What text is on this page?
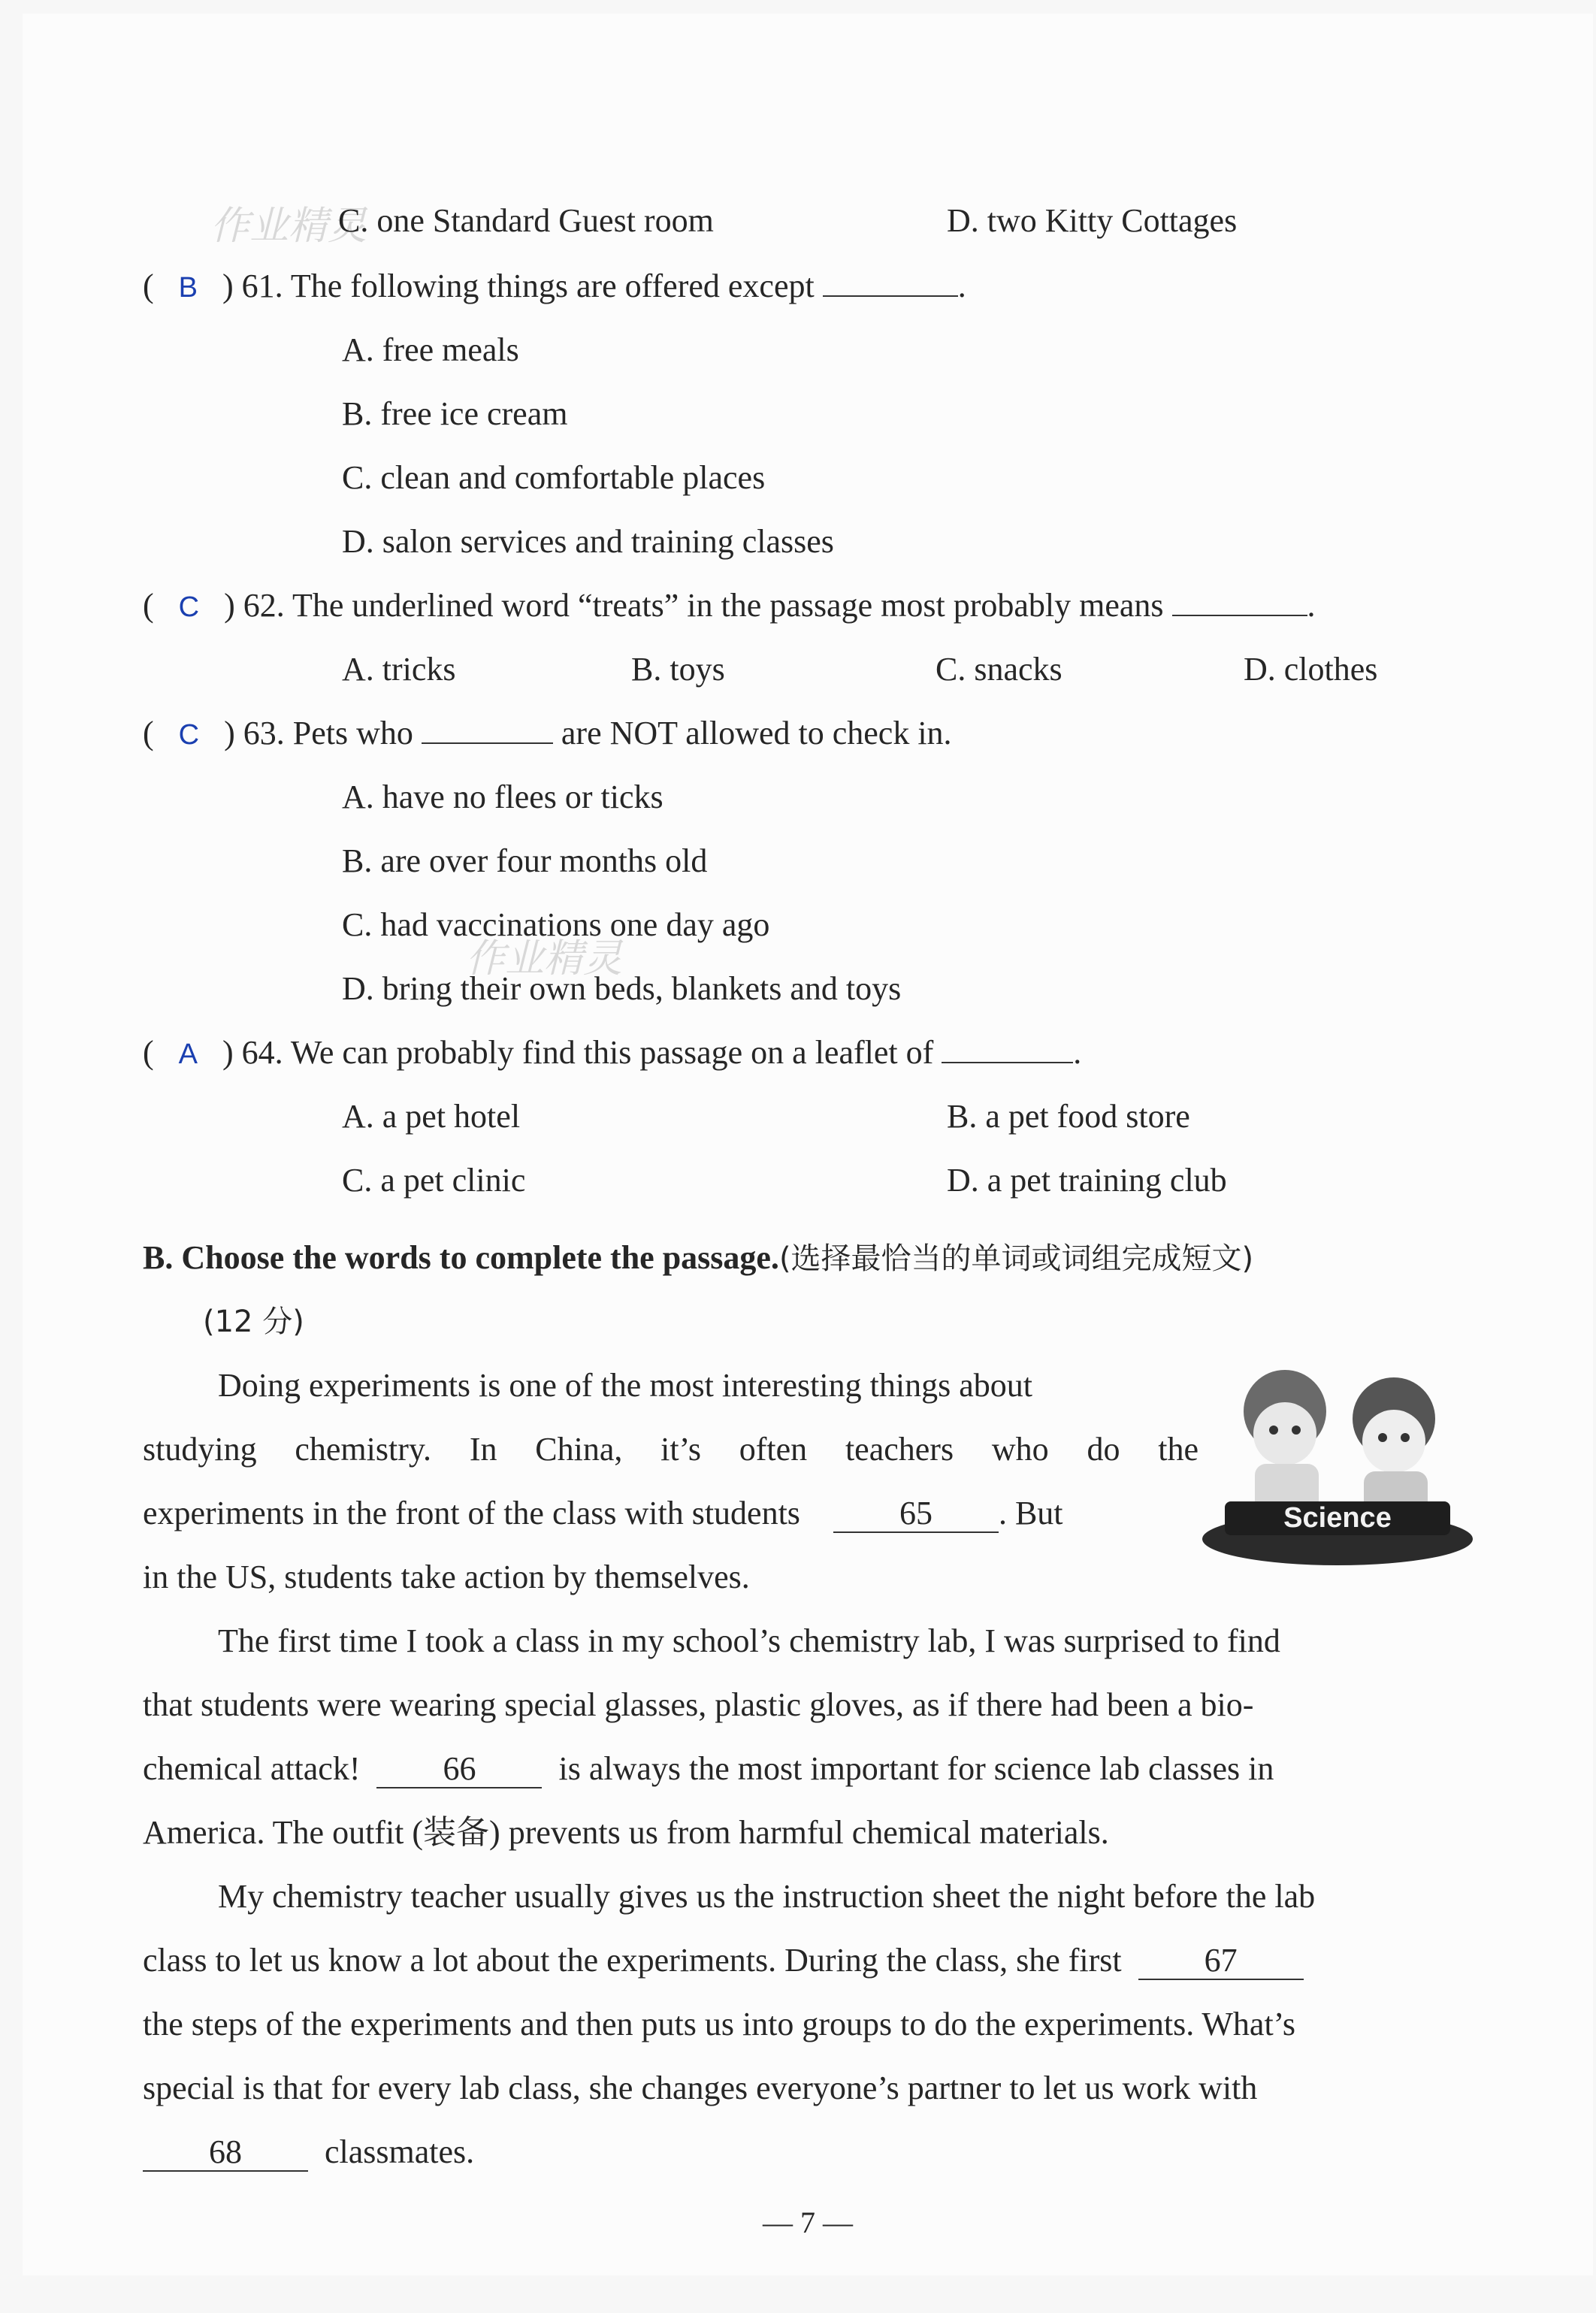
作业精灵
作业精灵
C. one Standard Guest room	D. two Kitty Cottages
(   B   ) 61. The following things are offered except	.
A. free meals
B. free ice cream
C. clean and comfortable places
D. salon services and training classes
(   C   ) 62. The underlined word “treats” in the passage most probably means	.
A. tricks	B. toys	C. snacks	D. clothes
(   C   ) 63. Pets who	are NOT allowed to check in.
A. have no flees or ticks
B. are over four months old
C. had vaccinations one day ago
D. bring their own beds, blankets and toys
(   A   ) 64. We can probably find this passage on a leaflet of	.
A. a pet hotel	B. a pet food store
C. a pet clinic	D. a pet training club
B. Choose the words to complete the passage.(选择最恰当的单词或词组完成短文)
(12 分)
Science
Doing experiments is one of the most interesting things about
studying chemistry. In China, it’s often teachers who do the
experiments in the front of the class with students	65 . But
in the US, students take action by themselves.
The first time I took a class in my school’s chemistry lab, I was surprised to find
that students were wearing special glasses, plastic gloves, as if there had been a bio-
chemical attack!	66	is always the most important for science lab classes in
America. The outfit (装备) prevents us from harmful chemical materials.
My chemistry teacher usually gives us the instruction sheet the night before the lab
class to let us know a lot about the experiments. During the class, she first	67
the steps of the experiments and then puts us into groups to do the experiments. What’s
special is that for every lab class, she changes everyone’s partner to let us work with
68	classmates.
— 7 —
